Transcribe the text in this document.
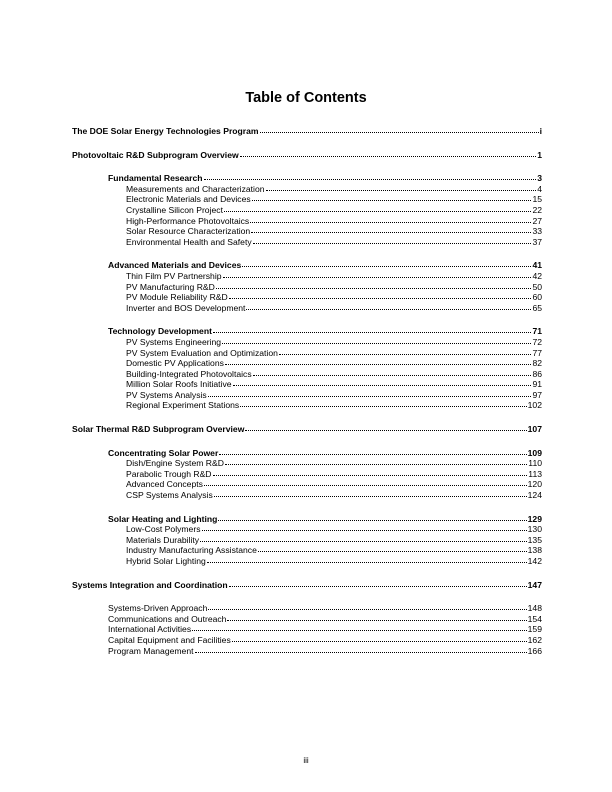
Table of Contents
The DOE Solar Energy Technologies Program	i
Photovoltaic R&D Subprogram Overview	1
Fundamental Research	3
Measurements and Characterization	4
Electronic Materials and Devices	15
Crystalline Silicon Project	22
High-Performance Photovoltaics	27
Solar Resource Characterization	33
Environmental Health and Safety	37
Advanced Materials and Devices	41
Thin Film PV Partnership	42
PV Manufacturing R&D	50
PV Module Reliability R&D	60
Inverter and BOS Development	65
Technology Development	71
PV Systems Engineering	72
PV System Evaluation and Optimization	77
Domestic PV Applications	82
Building-Integrated Photovoltaics	86
Million Solar Roofs Initiative	91
PV Systems Analysis	97
Regional Experiment Stations	102
Solar Thermal R&D Subprogram Overview	107
Concentrating Solar Power	109
Dish/Engine System R&D	110
Parabolic Trough R&D	113
Advanced Concepts	120
CSP Systems Analysis	124
Solar Heating and Lighting	129
Low-Cost Polymers	130
Materials Durability	135
Industry Manufacturing Assistance	138
Hybrid Solar Lighting	142
Systems Integration and Coordination	147
Systems-Driven Approach	148
Communications and Outreach	154
International Activities	159
Capital Equipment and Facilities	162
Program Management	166
iii
